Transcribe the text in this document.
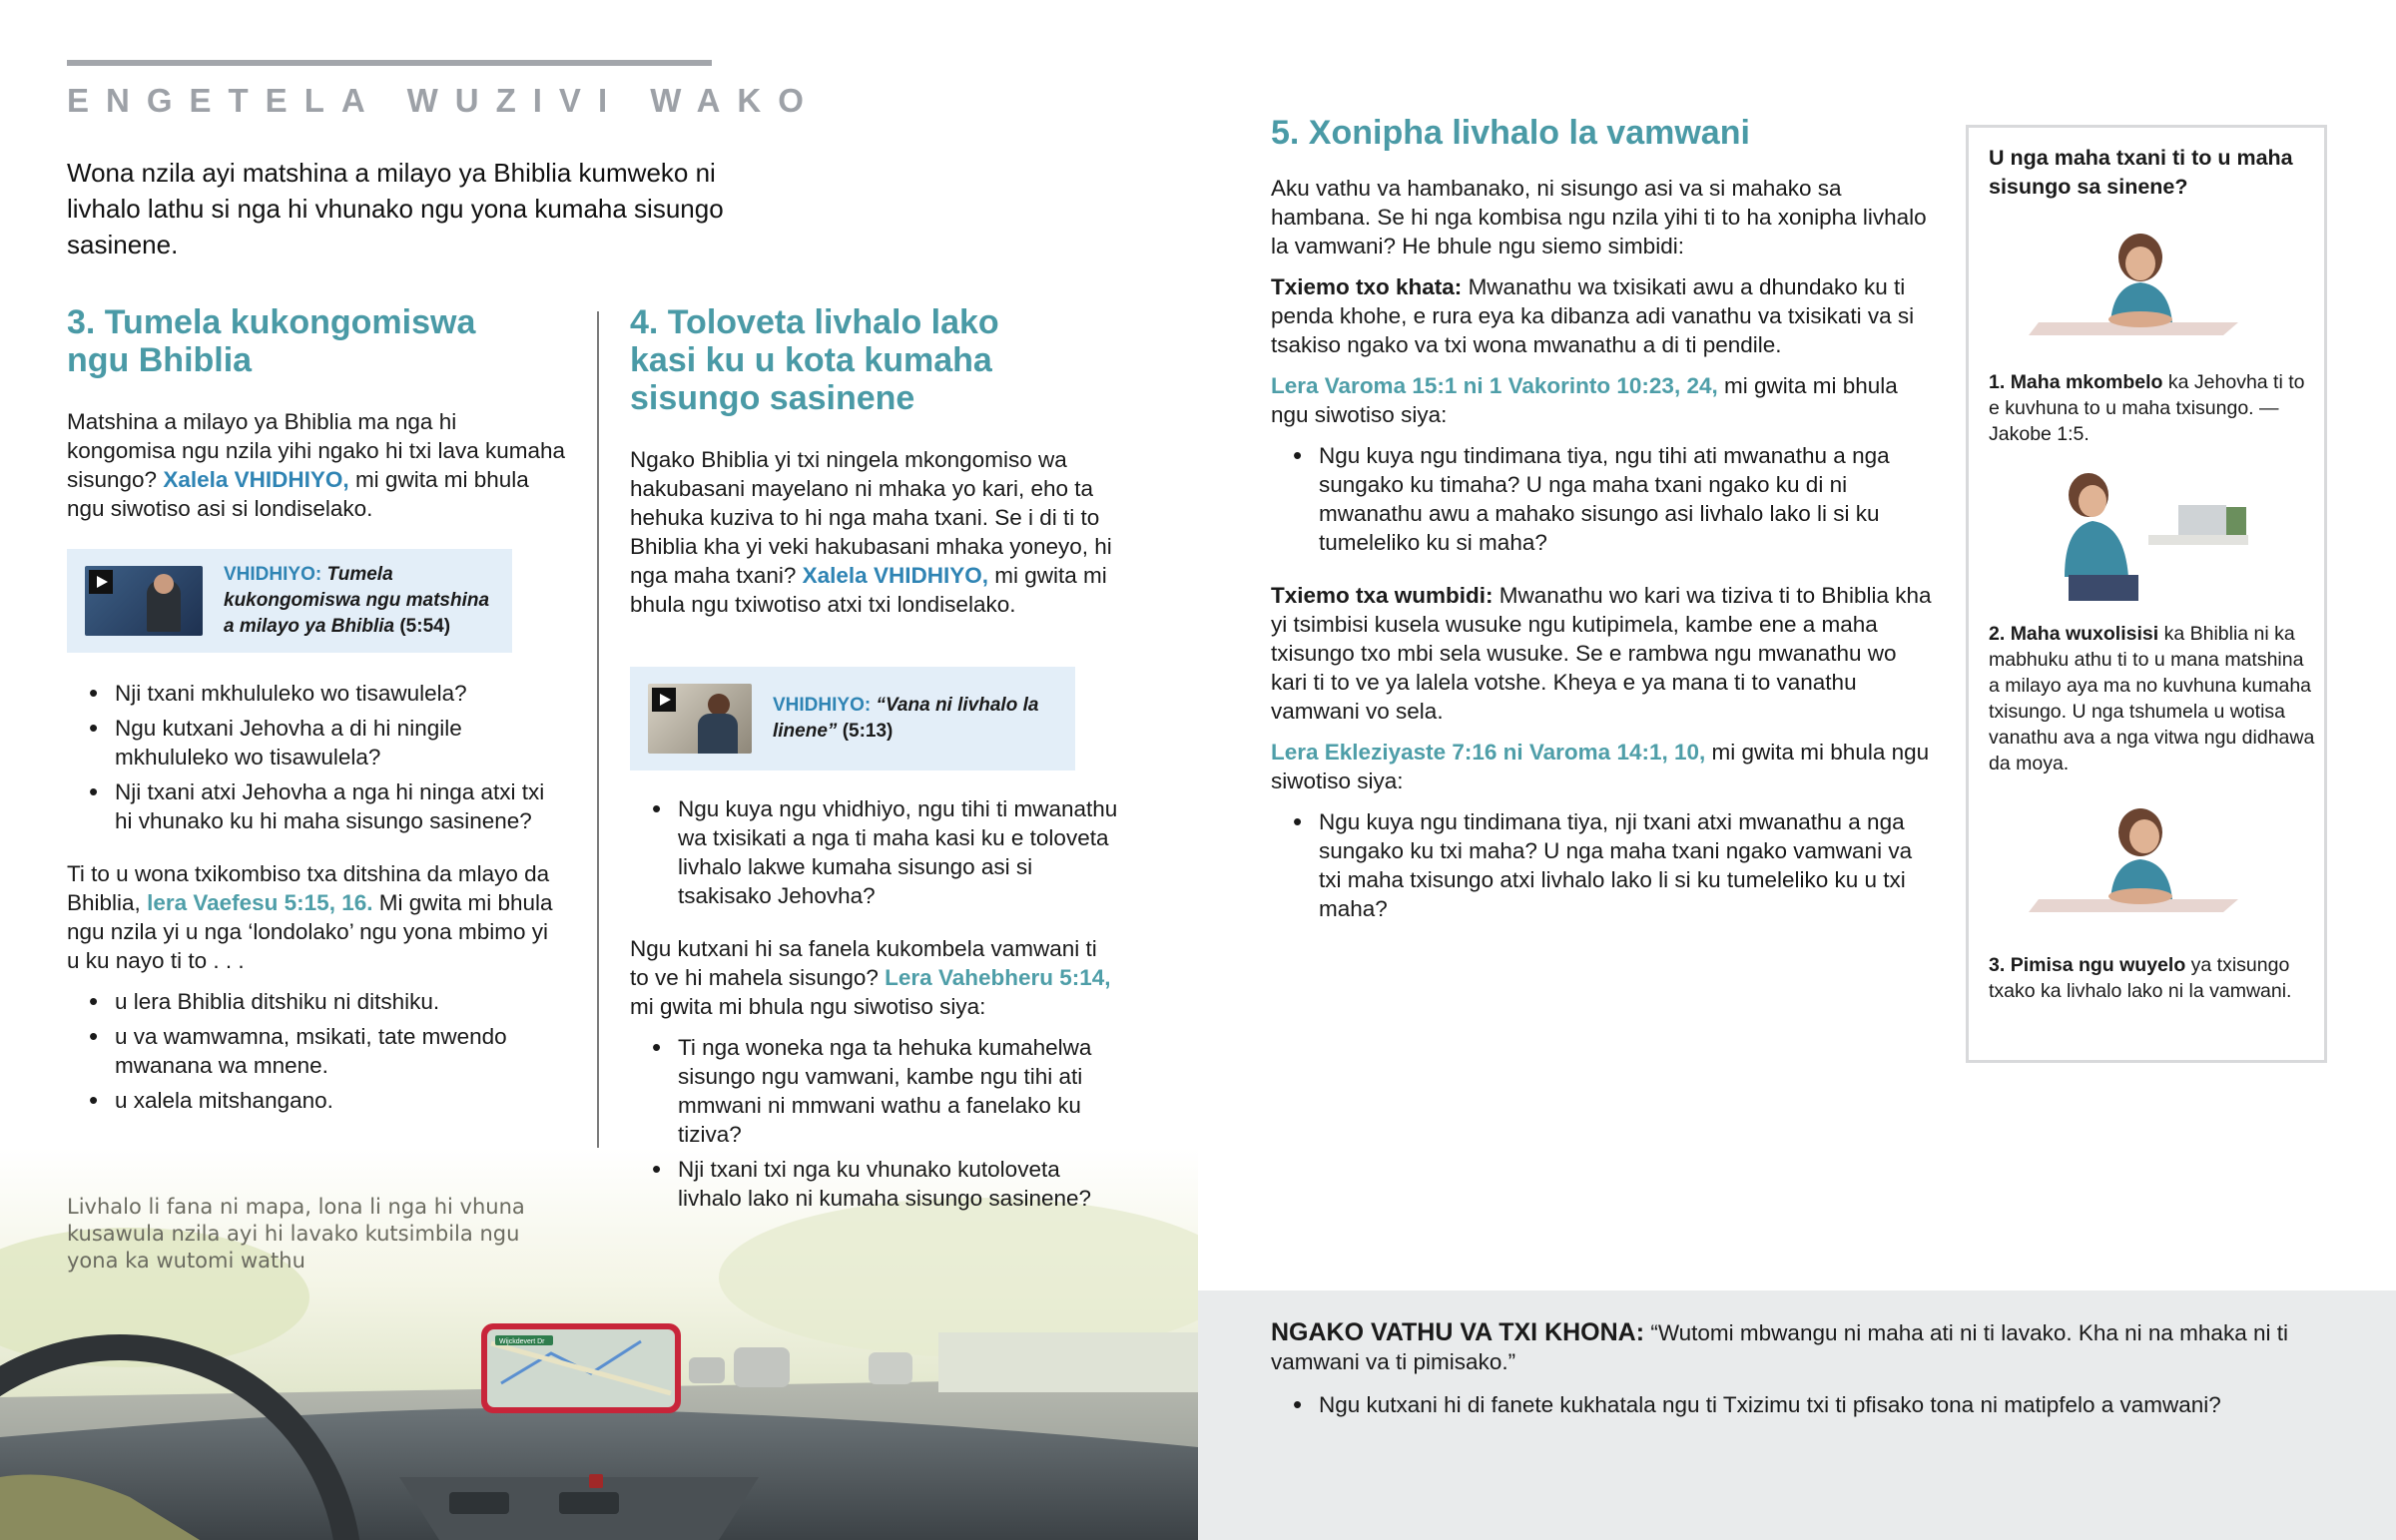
ENGETELA WUZIVI WAKO

Wona nzila ayi matshina a milayo ya Bhiblia kumweko ni livhalo lathu si nga hi vhunako ngu yona kumaha sisungo sasinene.

Wijckdevert Dr
Livhalo li fana ni mapa, lona li nga hi vhuna kusawula nzila ayi hi lavako kutsimbila ngu yona ka wutomi wathu
3. Tumela kukongomiswa ngu Bhiblia

Matshina a milayo ya Bhiblia ma nga hi kongomisa ngu nzila yihi ngako hi txi lava kumaha sisungo? Xalela VHIDHIYO, mi gwita mi bhula ngu siwotiso asi si londiselako.

VHIDHIYO: Tumela kukongomiswa ngu matshina a milayo ya Bhiblia (5:54)
• Nji txani mkhululeko wo tisawulela?
• Ngu kutxani Jehovha a di hi ningile mkhululeko wo tisawulela?
• Nji txani atxi Jehovha a nga hi ninga atxi txi hi vhunako ku hi maha sisungo sasinene?

Ti to u wona txikombiso txa ditshina da mlayo da Bhiblia, lera Vaefesu 5:15, 16. Mi gwita mi bhula ngu nzila yi u nga ‘londolako’ ngu yona mbimo yi u ku nayo ti to . . .

• u lera Bhiblia ditshiku ni ditshiku.
• u va wamwamna, msikati, tate mwendo mwanana wa mnene.
• u xalela mitshangano.
4. Toloveta livhalo lako kasi ku u kota kumaha sisungo sasinene

Ngako Bhiblia yi txi ningela mkongomiso wa hakubasani mayelano ni mhaka yo kari, eho ta hehuka kuziva to hi nga maha txani. Se i di ti to Bhiblia kha yi veki hakubasani mhaka yoneyo, hi nga maha txani? Xalela VHIDHIYO, mi gwita mi bhula ngu txiwotiso atxi txi londiselako.

VHIDHIYO: “Vana ni livhalo la linene” (5:13)
• Ngu kuya ngu vhidhiyo, ngu tihi ti mwanathu wa txisikati a nga ti maha kasi ku e toloveta livhalo lakwe kumaha sisungo asi si tsakisako Jehovha?

Ngu kutxani hi sa fanela kukombela vamwani ti to ve hi mahela sisungo? Lera Vahebheru 5:14, mi gwita mi bhula ngu siwotiso siya:

• Ti nga woneka nga ta hehuka kumahelwa sisungo ngu vamwani, kambe ngu tihi ati mmwani ni mmwani wathu a fanelako ku tiziva?
• Nji txani txi nga ku vhunako kutoloveta livhalo lako ni kumaha sisungo sasinene?
5. Xonipha livhalo la vamwani

Aku vathu va hambanako, ni sisungo asi va si mahako sa hambana. Se hi nga kombisa ngu nzila yihi ti to ha xonipha livhalo la vamwani? He bhule ngu siemo simbidi:

Txiemo txo khata: Mwanathu wa txisikati awu a dhundako ku ti penda khohe, e rura eya ka dibanza adi vanathu va txisikati va si tsakiso ngako va txi wona mwanathu a di ti pendile.

Lera Varoma 15:1 ni 1 Vakorinto 10:23, 24, mi gwita mi bhula ngu siwotiso siya:

• Ngu kuya ngu tindimana tiya, ngu tihi ati mwanathu a nga sungako ku timaha? U nga maha txani ngako ku di ni mwanathu awu a mahako sisungo asi livhalo lako li si ku tumeleliko ku si maha?

Txiemo txa wumbidi: Mwanathu wo kari wa tiziva ti to Bhiblia kha yi tsimbisi kusela wusuke ngu kutipimela, kambe ene a maha txisungo txo mbi sela wusuke. Se e rambwa ngu mwanathu wo kari ti to ve ya lalela votshe. Kheya e ya mana ti to vanathu vamwani vo sela.

Lera Ekleziyaste 7:16 ni Varoma 14:1, 10, mi gwita mi bhula ngu siwotiso siya:

• Ngu kuya ngu tindimana tiya, nji txani atxi mwanathu a nga sungako ku txi maha? U nga maha txani ngako vamwani va txi maha txisungo atxi livhalo lako li si ku tumeleliko ku u txi maha?

U nga maha txani ti to u maha sisungo sa sinene?

1. Maha mkombelo ka Jehovha ti to e kuvhuna to u maha txisungo. —Jakobe 1:5.

2. Maha wuxolisisi ka Bhiblia ni ka mabhuku athu ti to u mana matshina a milayo aya ma no kuvhuna kumaha txisungo. U nga tshumela u wotisa vanathu ava a nga vitwa ngu didhawa da moya.

3. Pimisa ngu wuyelo ya txisungo txako ka livhalo lako ni la vamwani.

NGAKO VATHU VA TXI KHONA: “Wutomi mbwangu ni maha ati ni ti lavako. Kha ni na mhaka ni ti vamwani va ti pimisako.”

• Ngu kutxani hi di fanete kukhatala ngu ti Txizimu txi ti pfisako tona ni matipfelo a vamwani?
